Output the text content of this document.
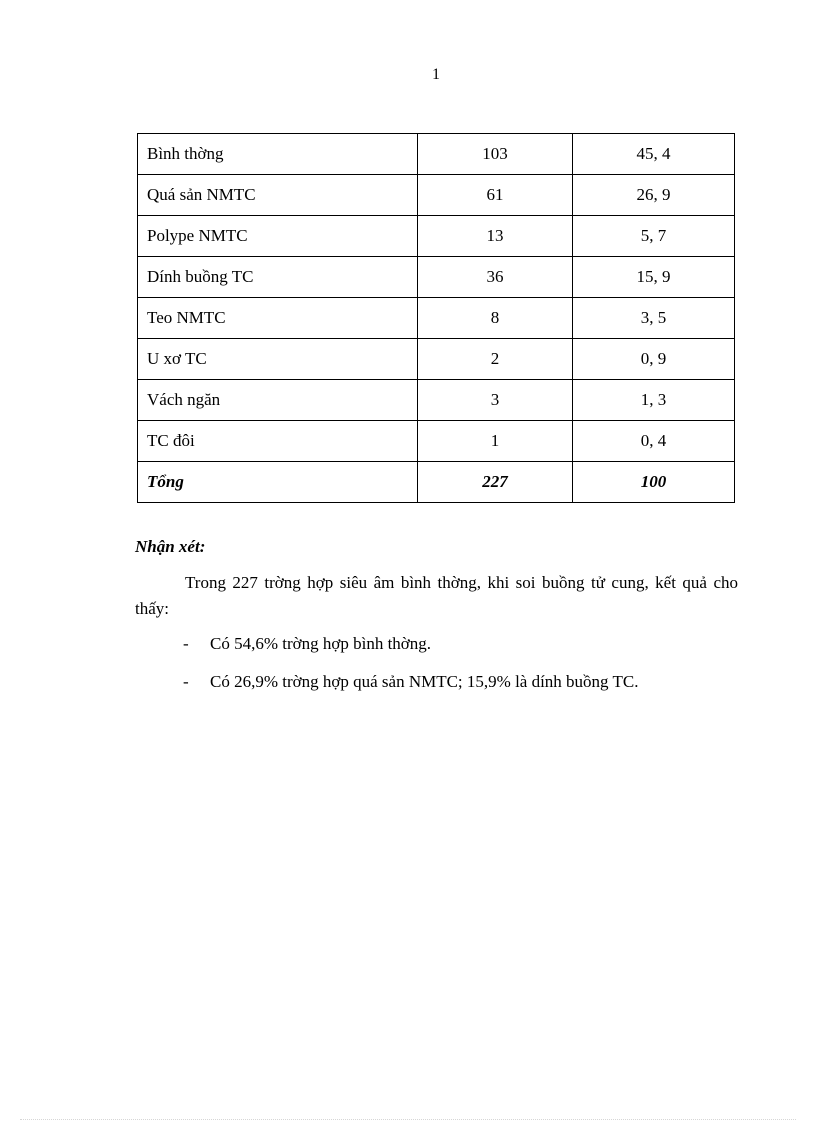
1
Bình thờng	103	45, 4
Quá sản NMTC	61	26, 9
Polype NMTC	13	5, 7
Dính buồng TC	36	15, 9
Teo NMTC	8	3, 5
U xơ TC	2	0, 9
Vách ngăn	3	1, 3
TC đôi	1	0, 4
Tổng	227	100
Nhận xét:

Trong 227 trờng hợp siêu âm bình thờng, khi soi buồng tử cung, kết quả cho thấy:

- Có 54,6% trờng hợp bình thờng.
- Có 26,9% trờng hợp quá sản NMTC; 15,9% là dính buồng TC.
